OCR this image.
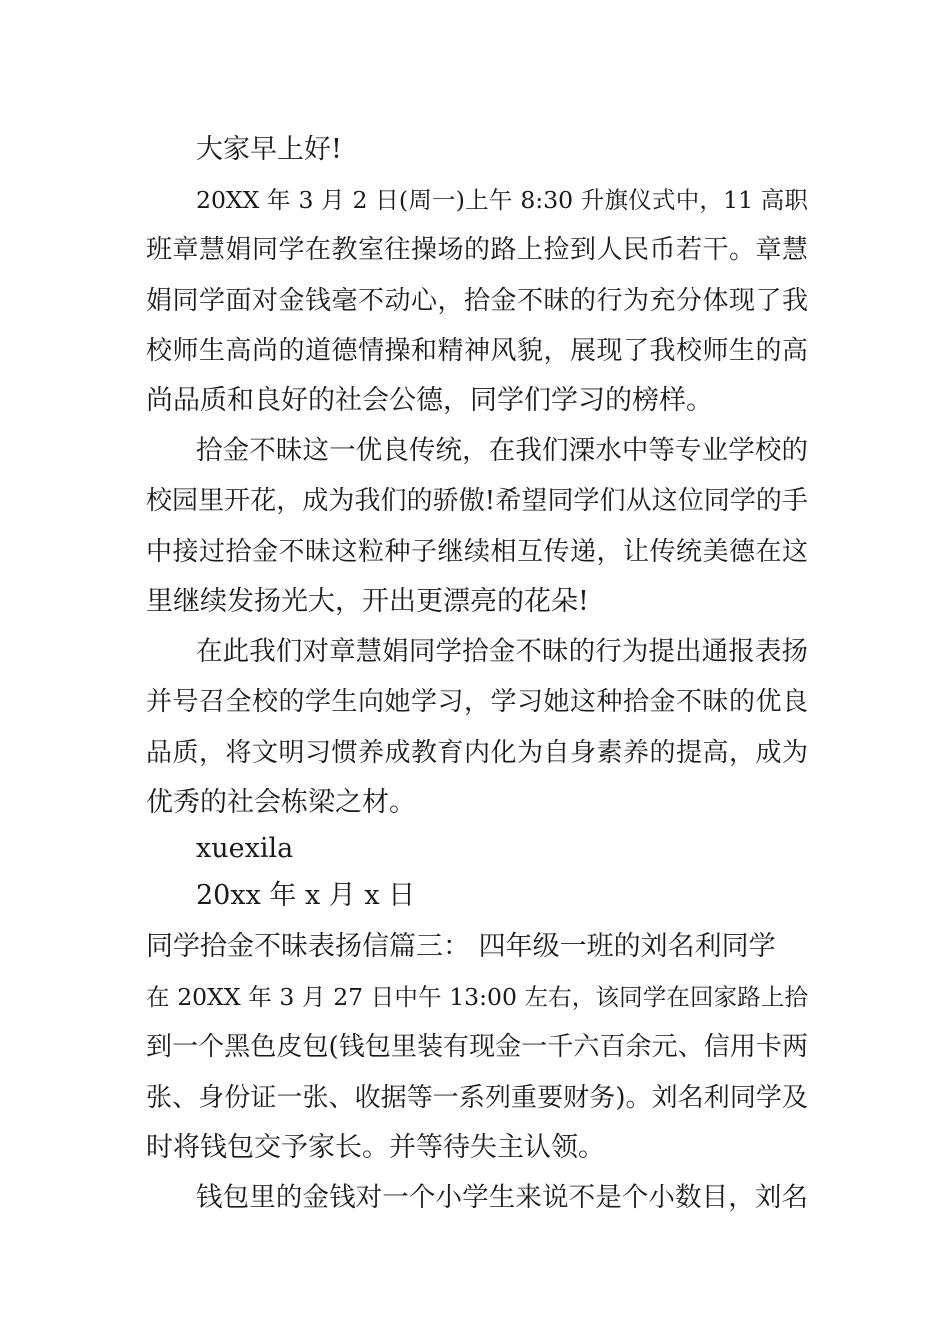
大家早上好!
20XX 年 3 月 2 日(周一)上午 8:30 升旗仪式中，11 高职
班章慧娟同学在教室往操场的路上捡到人民币若干。章慧
娟同学面对金钱毫不动心，拾金不昧的行为充分体现了我
校师生高尚的道德情操和精神风貌，展现了我校师生的高
尚品质和良好的社会公德，同学们学习的榜样。
拾金不昧这一优良传统，在我们溧水中等专业学校的
校园里开花，成为我们的骄傲!希望同学们从这位同学的手
中接过拾金不昧这粒种子继续相互传递，让传统美德在这
里继续发扬光大，开出更漂亮的花朵!
在此我们对章慧娟同学拾金不昧的行为提出通报表扬
并号召全校的学生向她学习，学习她这种拾金不昧的优良
品质，将文明习惯养成教育内化为自身素养的提高，成为
优秀的社会栋梁之材。
xuexila
20xx 年 x 月 x 日
同学拾金不昧表扬信篇三： 四年级一班的刘名利同学
在 20XX 年 3 月 27 日中午 13:00 左右，该同学在回家路上拾
到一个黑色皮包(钱包里装有现金一千六百余元、信用卡两
张、身份证一张、收据等一系列重要财务)。刘名利同学及
时将钱包交予家长。并等待失主认领。
钱包里的金钱对一个小学生来说不是个小数目，刘名
